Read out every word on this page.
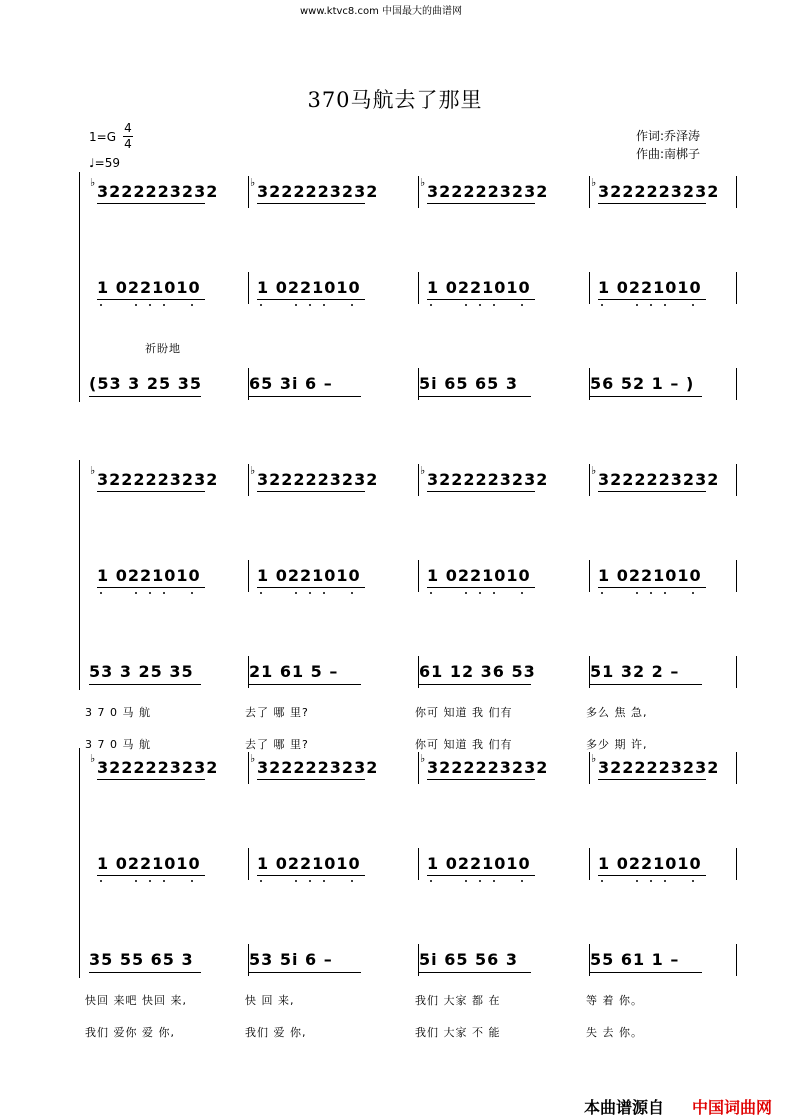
www.ktvc8.com 中国最大的曲谱网
370马航去了那里
1=G
4
4
♩=59
作词:乔泽涛
作曲:南梆子
♭ 3222223232
1 0221010
(53 3 25 35
♭ 3222223232
1 0221010
65 3i 6 –
♭ 3222223232
1 0221010
5i 65 65 3
♭ 3222223232
1 0221010
56 52 1 – )
祈盼地
♭ 3222223232
1 0221010
53 3 25 35
3 7 0 马 航
3 7 0 马 航
♭ 3222223232
1 0221010
21 61 5 –
去了 哪 里?
去了 哪 里?
♭ 3222223232
1 0221010
61 12 36 53
你可 知道 我 们有
你可 知道 我 们有
♭ 3222223232
1 0221010
51 32 2 –
多么 焦 急,
多少 期 许,
♭ 3222223232
1 0221010
35 55 65 3
快回 来吧 快回 来,
我们 爱你 爱 你,
♭ 3222223232
1 0221010
53 5i 6 –
快 回 来,
我们 爱 你,
♭ 3222223232
1 0221010
5i 65 56 3
我们 大家 都 在
我们 大家 不 能
♭ 3222223232
1 0221010
55 61 1 –
等 着 你。
失 去 你。
本曲谱源自 中国词曲网
